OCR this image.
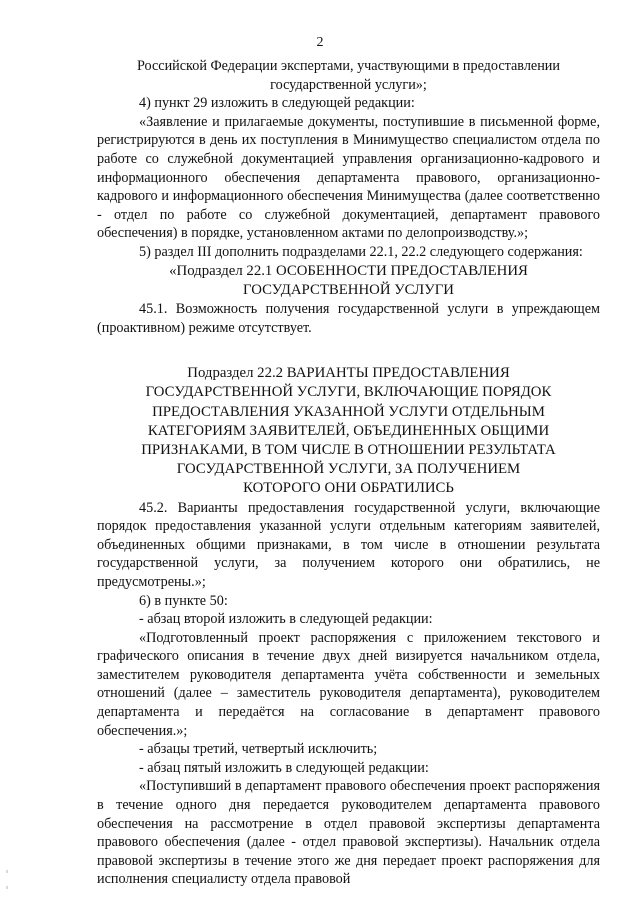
2
Российской Федерации экспертами, участвующими в предоставлении
государственной услуги»;

4) пункт 29 изложить в следующей редакции:

«Заявление и прилагаемые документы, поступившие в письменной форме, регистрируются в день их поступления в Минимущество специалистом отдела по работе со служебной документацией управления организационно-кадрового и информационного обеспечения департамента правового, организационно-кадрового и информационного обеспечения Минимущества (далее соответственно - отдел по работе со служебной документацией, департамент правового обеспечения) в порядке, установленном актами по делопроизводству.»;

5) раздел III дополнить подразделами 22.1, 22.2 следующего содержания:

«Подраздел 22.1 ОСОБЕННОСТИ ПРЕДОСТАВЛЕНИЯ
ГОСУДАРСТВЕННОЙ УСЛУГИ

45.1. Возможность получения государственной услуги в упреждающем (проактивном) режиме отсутствует.

Подраздел 22.2 ВАРИАНТЫ ПРЕДОСТАВЛЕНИЯ
ГОСУДАРСТВЕННОЙ УСЛУГИ, ВКЛЮЧАЮЩИЕ ПОРЯДОК
ПРЕДОСТАВЛЕНИЯ УКАЗАННОЙ УСЛУГИ ОТДЕЛЬНЫМ
КАТЕГОРИЯМ ЗАЯВИТЕЛЕЙ, ОБЪЕДИНЕННЫХ ОБЩИМИ
ПРИЗНАКАМИ, В ТОМ ЧИСЛЕ В ОТНОШЕНИИ РЕЗУЛЬТАТА
ГОСУДАРСТВЕННОЙ УСЛУГИ, ЗА ПОЛУЧЕНИЕМ
КОТОРОГО ОНИ ОБРАТИЛИСЬ

45.2. Варианты предоставления государственной услуги, включающие порядок предоставления указанной услуги отдельным категориям заявителей, объединенных общими признаками, в том числе в отношении результата государственной услуги, за получением которого они обратились, не предусмотрены.»;

6) в пункте 50:

- абзац второй изложить в следующей редакции:

«Подготовленный проект распоряжения с приложением текстового и графического описания в течение двух дней визируется начальником отдела, заместителем руководителя департамента учёта собственности и земельных отношений (далее – заместитель руководителя департамента), руководителем департамента и передаётся на согласование в департамент правового обеспечения.»;

- абзацы третий, четвертый исключить;

- абзац пятый изложить в следующей редакции:

«Поступивший в департамент правового обеспечения проект распоряжения в течение одного дня передается руководителем департамента правового обеспечения на рассмотрение в отдел правовой экспертизы департамента правового обеспечения (далее - отдел правовой экспертизы). Начальник отдела правовой экспертизы в течение этого же дня передает проект распоряжения для исполнения специалисту отдела правовой
